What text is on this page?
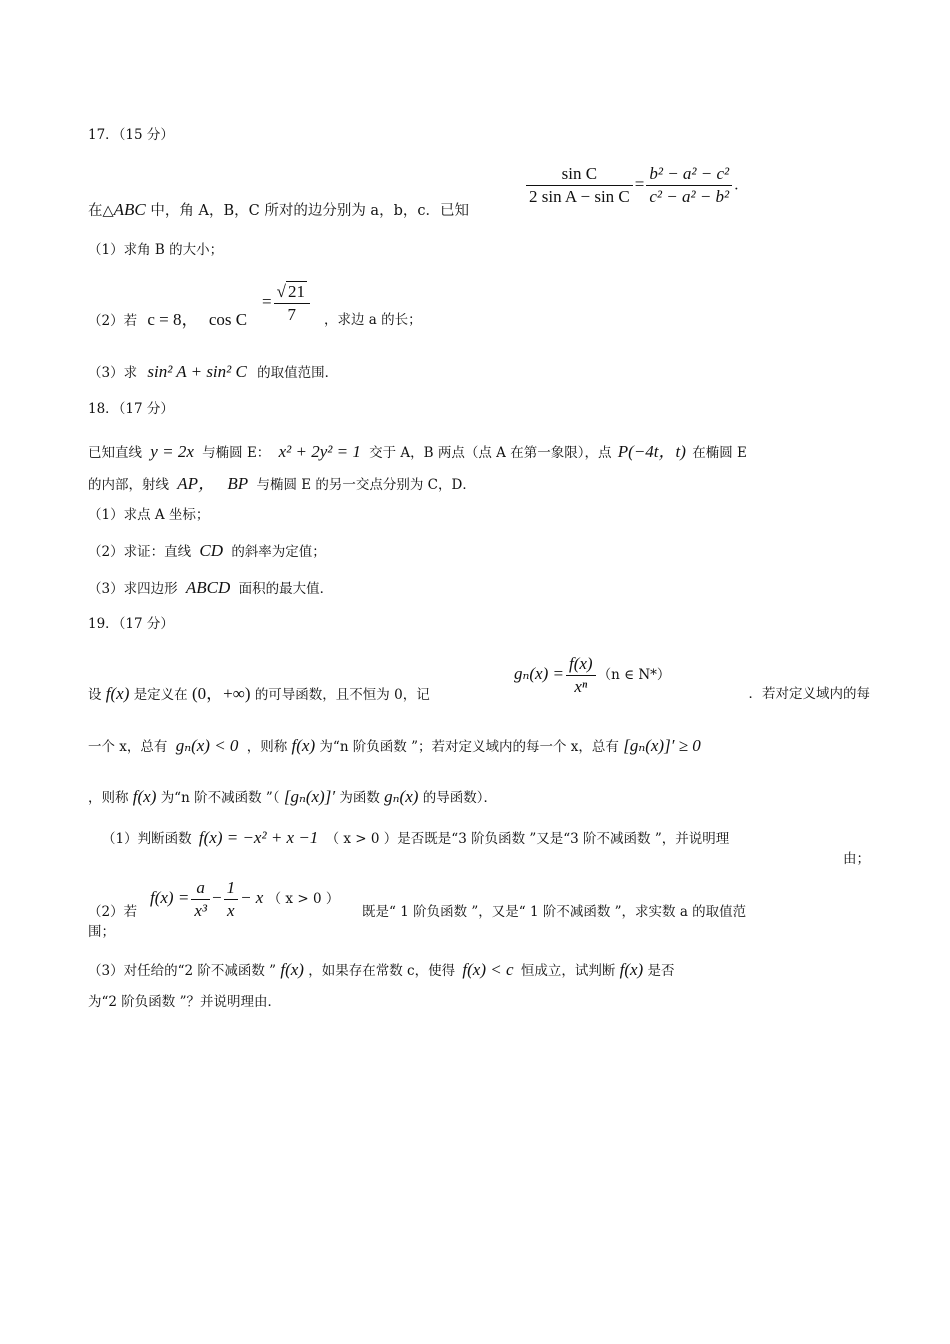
17．（15 分）
在△ABC 中，角 A，B，C 所对的边分别为 a，b，c．已知
$\frac{\text{sin C}}{\text{2 sin A − sin C}} = \frac{\text{b² − a² − c²}}{\text{c² − a² − b²}}$ ．
（1）求角 B 的大小；
（2）若 c = 8， cos C
= $\frac{√ 21}{7}$ ，求边 a 的长；
（3）求 sin² A + sin² C 的取值范围．
18．（17 分）
已知直线 y = 2x 与椭圆 E： x² + 2y² = 1 交于 A，B 两点（点 A 在第一象限），点 P(−4t，t) 在椭圆 E
的内部，射线 AP， BP 与椭圆 E 的另一交点分别为 C，D．
（1）求点 A 坐标；
（2）求证：直线 CD 的斜率为定值；
（3）求四边形 ABCD 面积的最大值．
19．（17 分）
设 f(x) 是定义在 (0，+∞) 的可导函数，且不恒为 0，记
$g_n(x) = \frac{f(x)}{\text{xⁿ}} (n$ ∈ N*）
．若对定义域内的每
一个 x，总有 gₙ(x) < 0 ，则称 f(x) 为“n 阶负函数 ”；若对定义域内的每一个 x，总有 [gₙ(x)]′ ≥ 0
，则称 f(x) 为“n 阶不减函数 ”（ [gₙ(x)]′ 为函数 gₙ(x) 的导函数）．
（1）判断函数 f(x) = −x² + x −1 （ x > 0 ）是否既是“3 阶负函数 ”又是“3 阶不减函数 ”，并说明理
由；
（2）若
$f(x) = \frac{a}{\text{x³}} - \frac{1}{x} - x$ （ x > 0 ）
既是“ 1 阶负函数 ”，又是“ 1 阶不减函数 ”，求实数 a 的取值范
围；
（3）对任给的“2 阶不减函数 ” f(x) ，如果存在常数 c，使得 f(x) < c 恒成立，试判断 f(x) 是否
为“2 阶负函数 ”？并说明理由．
